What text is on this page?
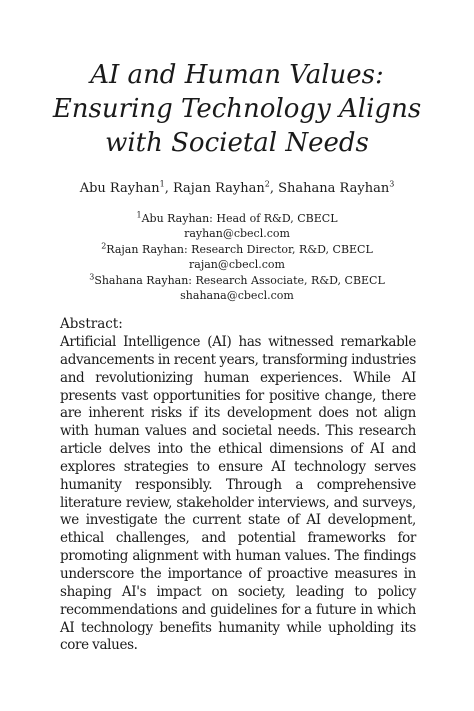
AI and Human Values:
Ensuring Technology Aligns
with Societal Needs
Abu Rayhan$^1$, Rajan Rayhan$^2$, Shahana Rayhan$^3$
$^1$Abu Rayhan: Head of R&D, CBECL
rayhan@cbecl.com
$^2$Rajan Rayhan: Research Director, R&D, CBECL
rajan@cbecl.com
$^3$Shahana Rayhan: Research Associate, R&D, CBECL
shahana@cbecl.com
Abstract:

Artificial Intelligence (AI) has witnessed remarkable advancements in recent years, transforming industries and revolutionizing human experiences. While AI presents vast opportunities for positive change, there are inherent risks if its development does not align with human values and societal needs. This research article delves into the ethical dimensions of AI and explores strategies to ensure AI technology serves humanity responsibly. Through a comprehensive literature review, stakeholder interviews, and surveys, we investigate the current state of AI development, ethical challenges, and potential frameworks for promoting alignment with human values. The findings underscore the importance of proactive measures in shaping AI's impact on society, leading to policy recommendations and guidelines for a future in which AI technology benefits humanity while upholding its core values.
